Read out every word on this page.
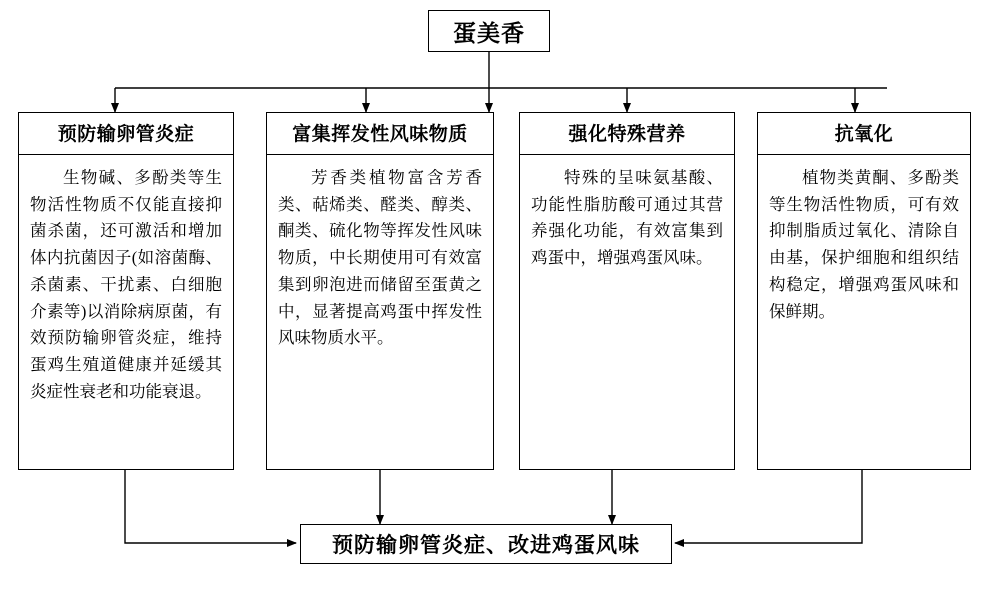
蛋美香
预防输卵管炎症
生物碱、多酚类等生物活性物质不仅能直接抑菌杀菌，还可激活和增加体内抗菌因子(如溶菌酶、杀菌素、干扰素、白细胞介素等)以消除病原菌，有效预防输卵管炎症，维持蛋鸡生殖道健康并延缓其炎症性衰老和功能衰退。
富集挥发性风味物质
芳香类植物富含芳香类、萜烯类、醛类、醇类、酮类、硫化物等挥发性风味物质，中长期使用可有效富集到卵泡进而储留至蛋黄之中，显著提高鸡蛋中挥发性风味物质水平。
强化特殊营养
特殊的呈味氨基酸、功能性脂肪酸可通过其营养强化功能，有效富集到鸡蛋中，增强鸡蛋风味。
抗氧化
植物类黄酮、多酚类等生物活性物质，可有效抑制脂质过氧化、清除自由基，保护细胞和组织结构稳定，增强鸡蛋风味和保鲜期。
预防输卵管炎症、改进鸡蛋风味
